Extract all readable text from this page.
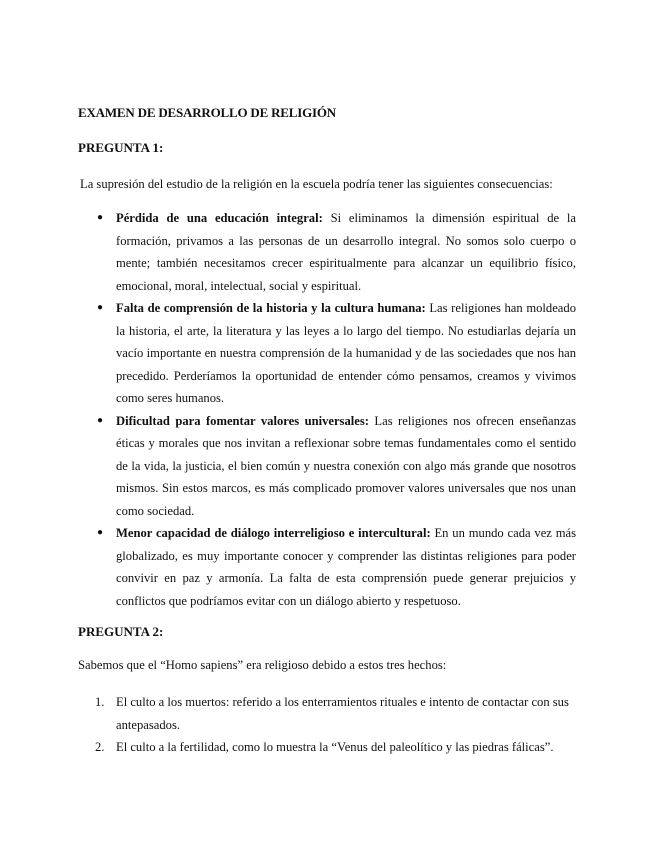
EXAMEN DE DESARROLLO DE RELIGIÓN
PREGUNTA 1:

La supresión del estudio de la religión en la escuela podría tener las siguientes consecuencias:

● Pérdida de una educación integral: Si eliminamos la dimensión espiritual de la formación, privamos a las personas de un desarrollo integral. No somos solo cuerpo o mente; también necesitamos crecer espiritualmente para alcanzar un equilibrio físico, emocional, moral, intelectual, social y espiritual.
● Falta de comprensión de la historia y la cultura humana: Las religiones han moldeado la historia, el arte, la literatura y las leyes a lo largo del tiempo. No estudiarlas dejaría un vacío importante en nuestra comprensión de la humanidad y de las sociedades que nos han precedido. Perderíamos la oportunidad de entender cómo pensamos, creamos y vivimos como seres humanos.
● Dificultad para fomentar valores universales: Las religiones nos ofrecen enseñanzas éticas y morales que nos invitan a reflexionar sobre temas fundamentales como el sentido de la vida, la justicia, el bien común y nuestra conexión con algo más grande que nosotros mismos. Sin estos marcos, es más complicado promover valores universales que nos unan como sociedad.
● Menor capacidad de diálogo interreligioso e intercultural: En un mundo cada vez más globalizado, es muy importante conocer y comprender las distintas religiones para poder convivir en paz y armonía. La falta de esta comprensión puede generar prejuicios y conflictos que podríamos evitar con un diálogo abierto y respetuoso.
PREGUNTA 2:

Sabemos que el “Homo sapiens” era religioso debido a estos tres hechos:

1. El culto a los muertos: referido a los enterramientos rituales e intento de contactar con sus antepasados.
2. El culto a la fertilidad, como lo muestra la “Venus del paleolítico y las piedras fálicas”.
